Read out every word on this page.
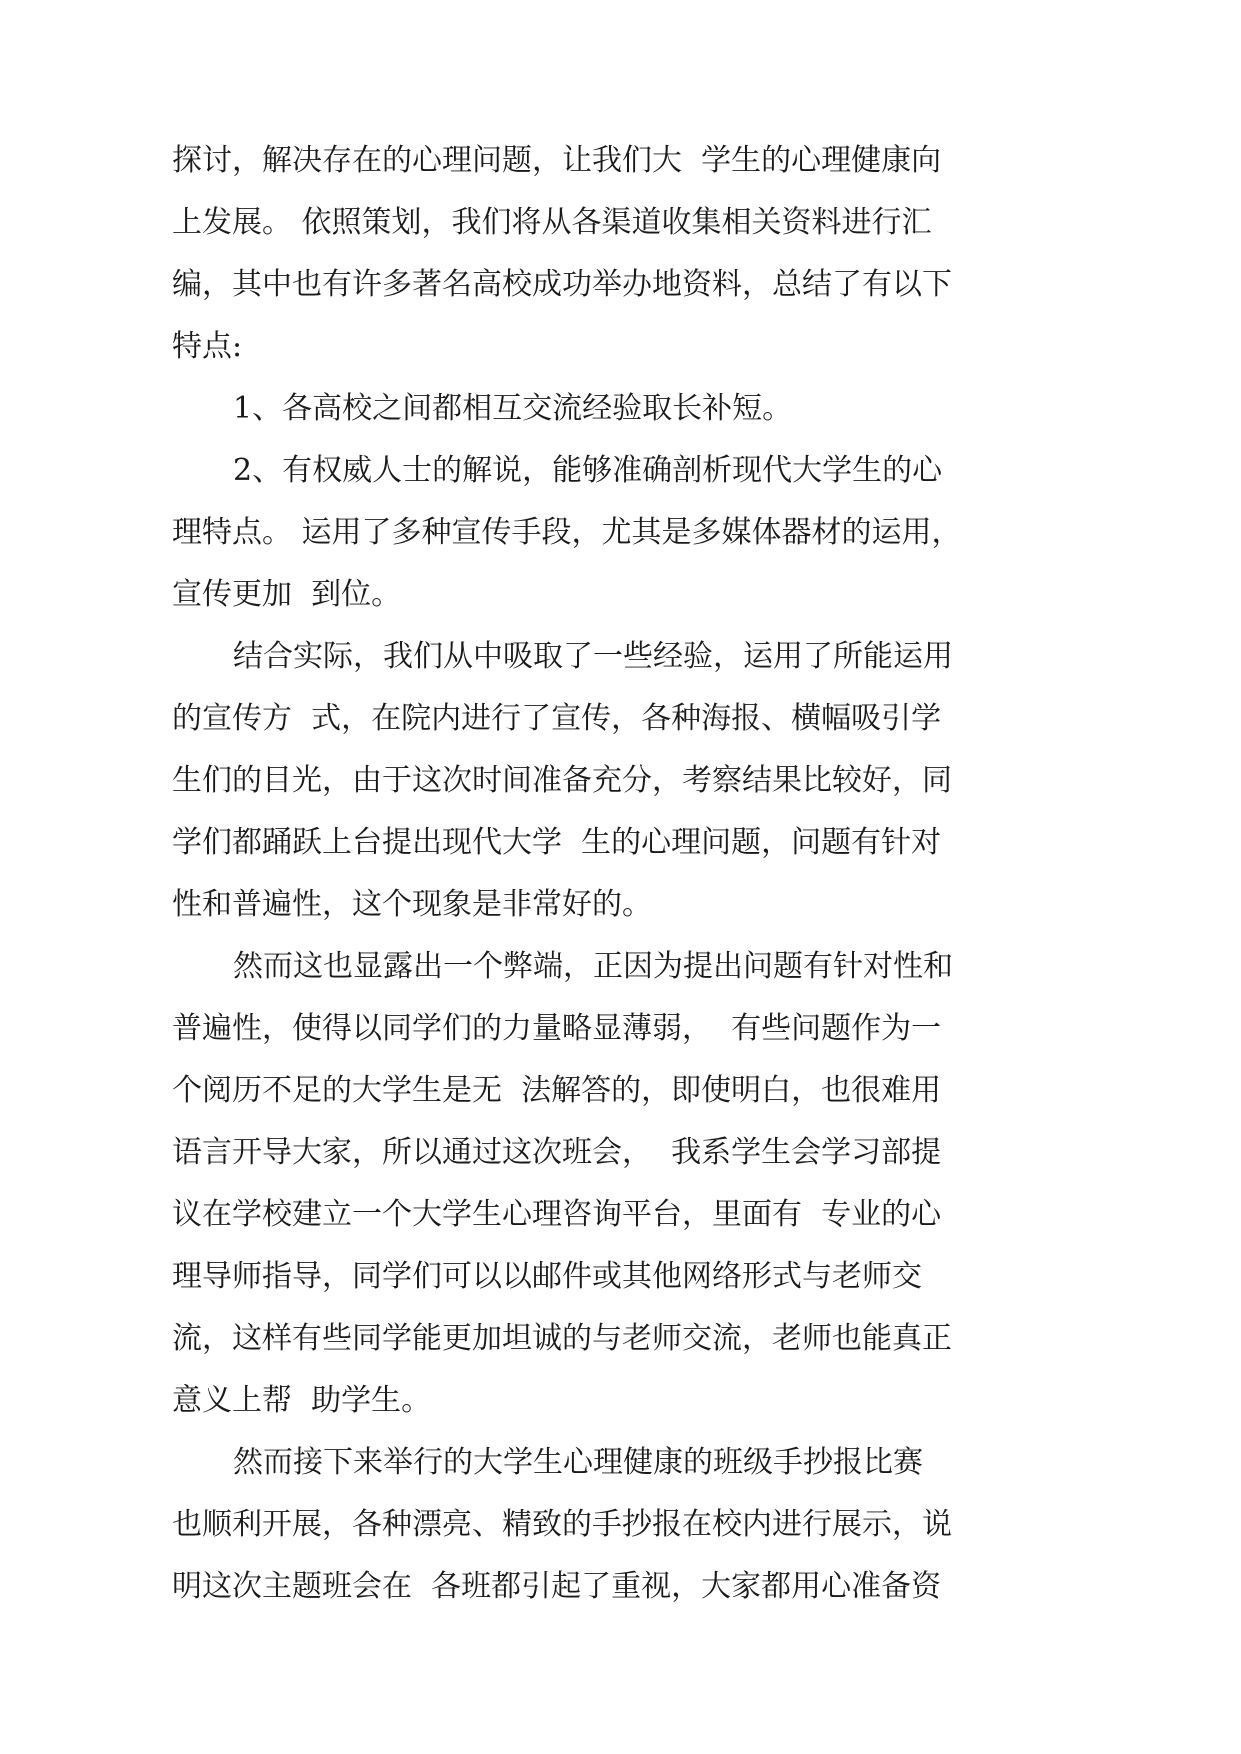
探讨，解决存在的心理问题，让我们大  学生的心理健康向
上发展。 依照策划，我们将从各渠道收集相关资料进行汇
编，其中也有许多著名高校成功举办地资料，总结了有以下
特点:
1、各高校之间都相互交流经验取长补短。
2、有权威人士的解说，能够准确剖析现代大学生的心
理特点。 运用了多种宣传手段，尤其是多媒体器材的运用，
宣传更加  到位。
结合实际，我们从中吸取了一些经验，运用了所能运用
的宣传方  式，在院内进行了宣传，各种海报、横幅吸引学
生们的目光，由于这次时间准备充分，考察结果比较好，同
学们都踊跃上台提出现代大学  生的心理问题，问题有针对
性和普遍性，这个现象是非常好的。
然而这也显露出一个弊端，正因为提出问题有针对性和
普遍性，使得以同学们的力量略显薄弱，  有些问题作为一
个阅历不足的大学生是无  法解答的，即使明白，也很难用
语言开导大家，所以通过这次班会，  我系学生会学习部提
议在学校建立一个大学生心理咨询平台，里面有  专业的心
理导师指导，同学们可以以邮件或其他网络形式与老师交
流，这样有些同学能更加坦诚的与老师交流，老师也能真正
意义上帮  助学生。
然而接下来举行的大学生心理健康的班级手抄报比赛
也顺利开展，各种漂亮、精致的手抄报在校内进行展示，说
明这次主题班会在  各班都引起了重视，大家都用心准备资
